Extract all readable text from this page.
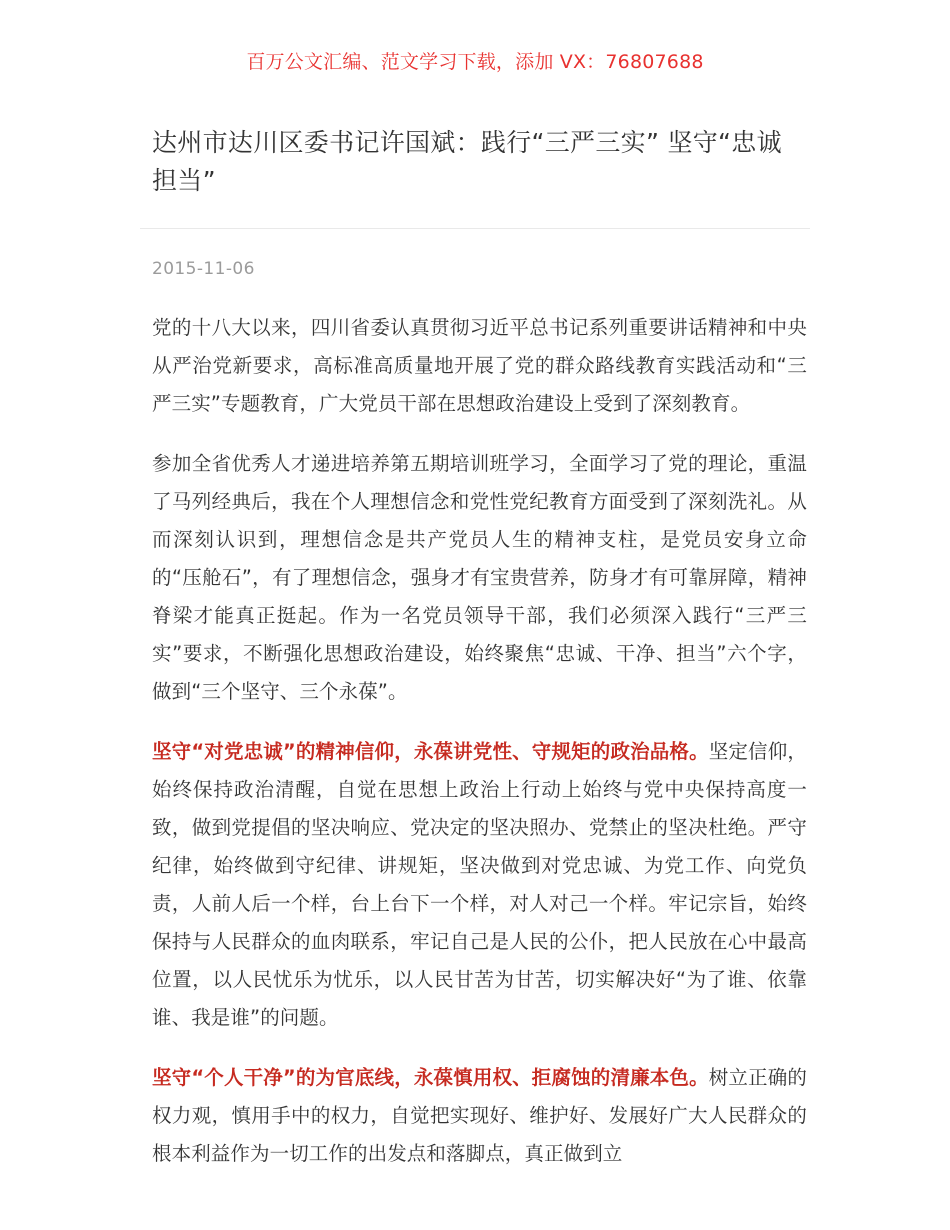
百万公文汇编、范文学习下载，添加 VX：76807688
达州市达川区委书记许国斌：践行“三严三实” 坚守“忠诚担当”
2015-11-06

党的十八大以来，四川省委认真贯彻习近平总书记系列重要讲话精神和中央从严治党新要求，高标准高质量地开展了党的群众路线教育实践活动和“三严三实”专题教育，广大党员干部在思想政治建设上受到了深刻教育。

参加全省优秀人才递进培养第五期培训班学习，全面学习了党的理论，重温了马列经典后，我在个人理想信念和党性党纪教育方面受到了深刻洗礼。从而深刻认识到，理想信念是共产党员人生的精神支柱，是党员安身立命的“压舱石”，有了理想信念，强身才有宝贵营养，防身才有可靠屏障，精神脊梁才能真正挺起。作为一名党员领导干部，我们必须深入践行“三严三实”要求，不断强化思想政治建设，始终聚焦“忠诚、干净、担当”六个字，做到“三个坚守、三个永葆”。

坚守“对党忠诚”的精神信仰，永葆讲党性、守规矩的政治品格。坚定信仰，始终保持政治清醒，自觉在思想上政治上行动上始终与党中央保持高度一致，做到党提倡的坚决响应、党决定的坚决照办、党禁止的坚决杜绝。严守纪律，始终做到守纪律、讲规矩，坚决做到对党忠诚、为党工作、向党负责，人前人后一个样，台上台下一个样，对人对己一个样。牢记宗旨，始终保持与人民群众的血肉联系，牢记自己是人民的公仆，把人民放在心中最高位置，以人民忧乐为忧乐，以人民甘苦为甘苦，切实解决好“为了谁、依靠谁、我是谁”的问题。

坚守“个人干净”的为官底线，永葆慎用权、拒腐蚀的清廉本色。树立正确的权力观，慎用手中的权力，自觉把实现好、维护好、发展好广大人民群众的根本利益作为一切工作的出发点和落脚点，真正做到立
